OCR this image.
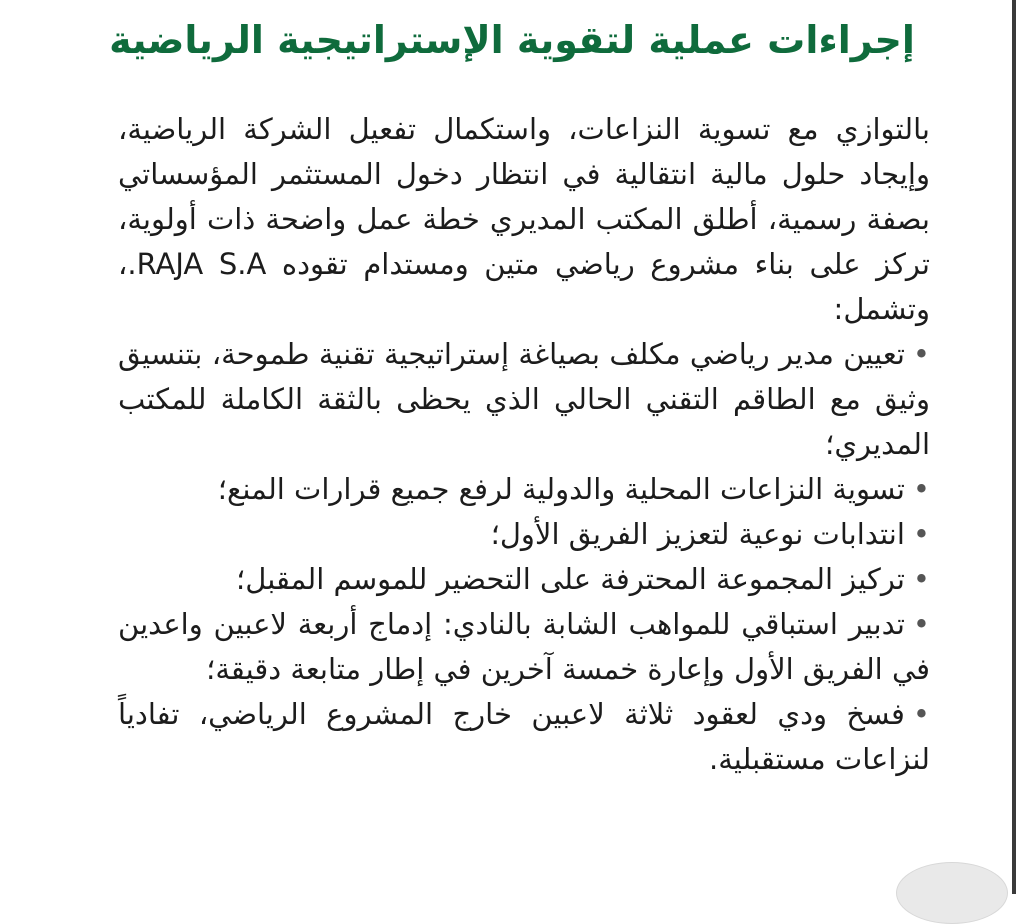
إجراءات عملية لتقوية الإستراتيجية الرياضية

بالتوازي مع تسوية النزاعات، واستكمال تفعيل الشركة الرياضية، وإيجاد حلول مالية انتقالية في انتظار دخول المستثمر المؤسساتي بصفة رسمية، أطلق المكتب المديري خطة عمل واضحة ذات أولوية، تركز على بناء مشروع رياضي متين ومستدام تقوده RAJA S.A.، وتشمل:

•تعيين مدير رياضي مكلف بصياغة إستراتيجية تقنية طموحة، بتنسيق وثيق مع الطاقم التقني الحالي الذي يحظى بالثقة الكاملة للمكتب المديري؛
•تسوية النزاعات المحلية والدولية لرفع جميع قرارات المنع؛
•انتدابات نوعية لتعزيز الفريق الأول؛
•تركيز المجموعة المحترفة على التحضير للموسم المقبل؛
•تدبير استباقي للمواهب الشابة بالنادي: إدماج أربعة لاعبين واعدين في الفريق الأول وإعارة خمسة آخرين في إطار متابعة دقيقة؛
•فسخ ودي لعقود ثلاثة لاعبين خارج المشروع الرياضي، تفادياً لنزاعات مستقبلية.
